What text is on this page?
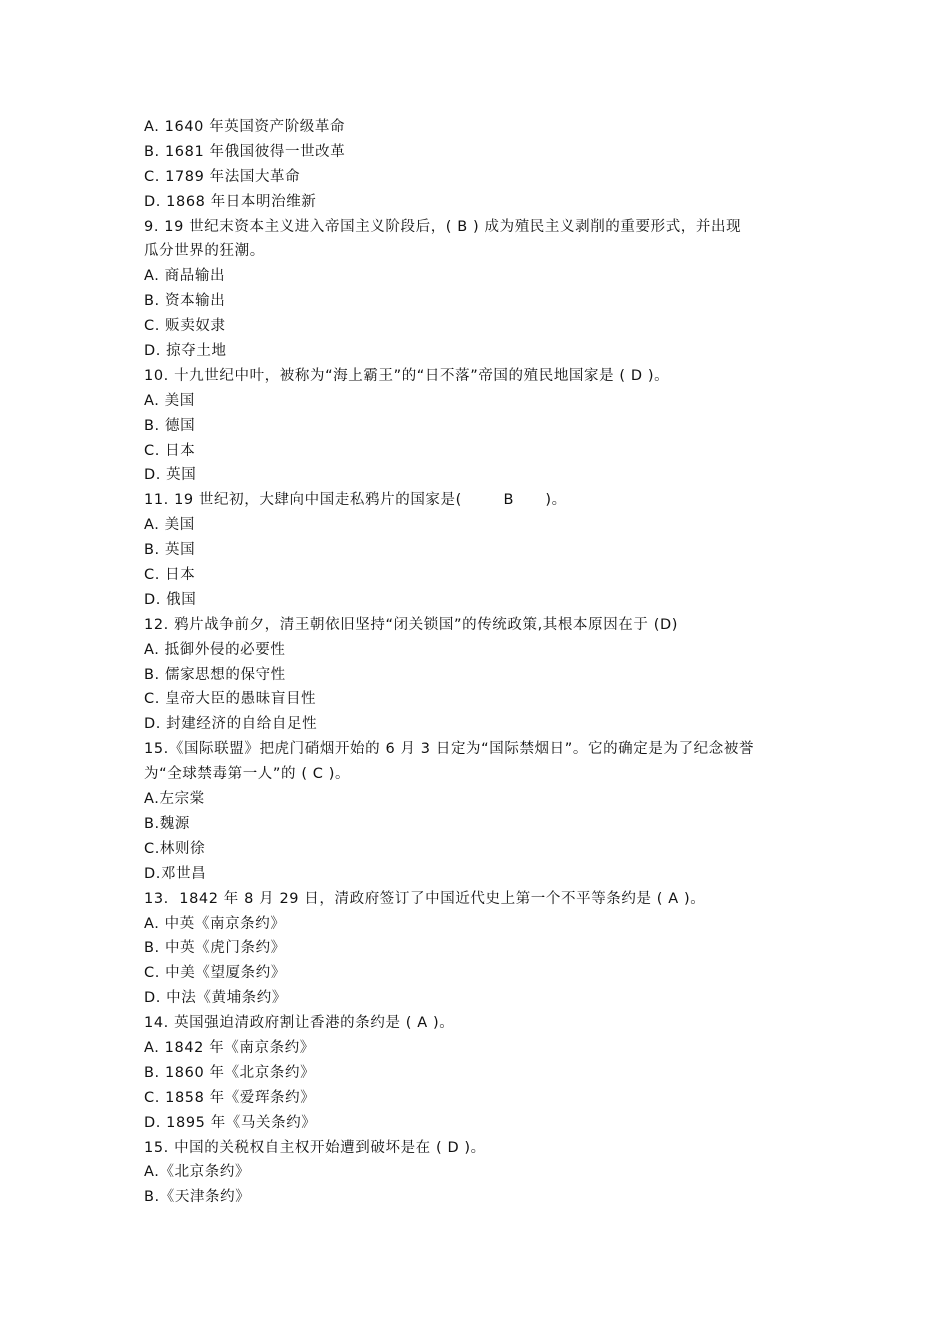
A. 1640 年英国资产阶级革命
B. 1681 年俄国彼得一世改革
C. 1789 年法国大革命
D. 1868 年日本明治维新
9. 19 世纪末资本主义进入帝国主义阶段后，( B ) 成为殖民主义剥削的重要形式，并出现
瓜分世界的狂潮。
A. 商品输出
B. 资本输出
C. 贩卖奴隶
D. 掠夺土地
10. 十九世纪中叶，被称为“海上霸王”的“日不落”帝国的殖民地国家是 ( D )。
A. 美国
B. 德国
C. 日本
D. 英国
11. 19 世纪初，大肆向中国走私鸦片的国家是(        B      )。
A. 美国
B. 英国
C. 日本
D. 俄国
12. 鸦片战争前夕，清王朝依旧坚持“闭关锁国”的传统政策,其根本原因在于 (D)
A. 抵御外侵的必要性
B. 儒家思想的保守性
C. 皇帝大臣的愚昧盲目性
D. 封建经济的自给自足性
15.《国际联盟》把虎门硝烟开始的 6 月 3 日定为“国际禁烟日”。它的确定是为了纪念被誉
为“全球禁毒第一人”的 ( C )。
A.左宗棠
B.魏源
C.林则徐
D.邓世昌
13.  1842 年 8 月 29 日，清政府签订了中国近代史上第一个不平等条约是 ( A )。
A. 中英《南京条约》
B. 中英《虎门条约》
C. 中美《望厦条约》
D. 中法《黄埔条约》
14. 英国强迫清政府割让香港的条约是 ( A )。
A. 1842 年《南京条约》
B. 1860 年《北京条约》
C. 1858 年《爱珲条约》
D. 1895 年《马关条约》
15. 中国的关税权自主权开始遭到破坏是在 ( D )。
A.《北京条约》
B.《天津条约》
